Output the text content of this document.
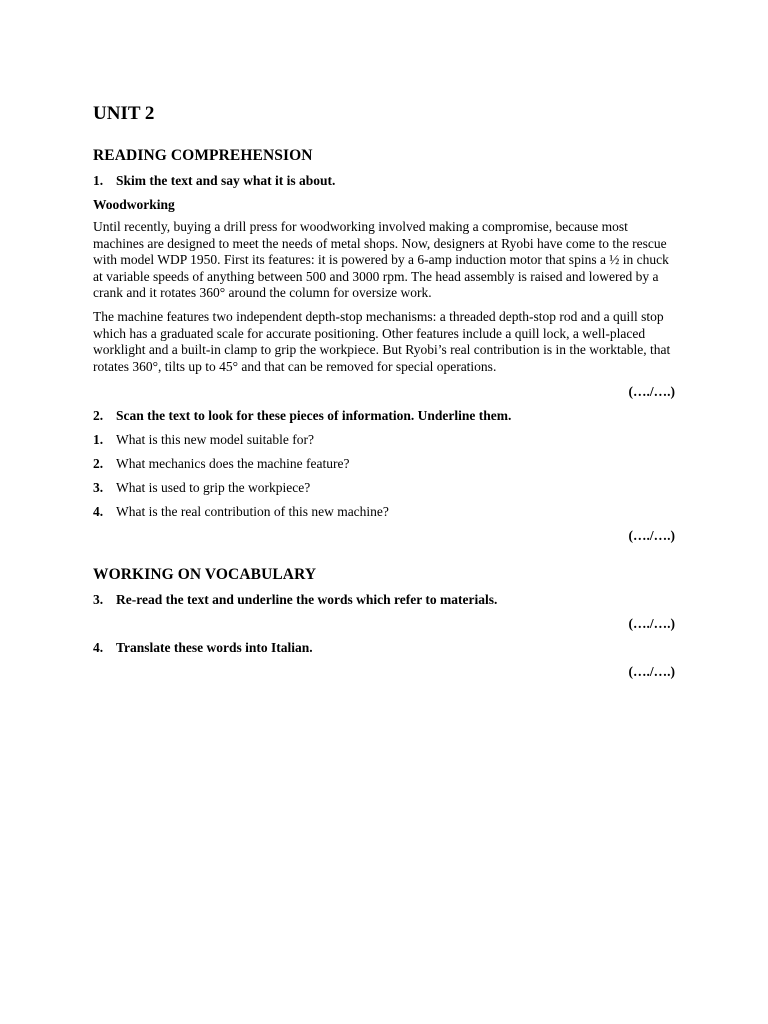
UNIT 2
READING COMPREHENSION
1. Skim the text and say what it is about.
Woodworking

Until recently, buying a drill press for woodworking involved making a compromise, because most machines are designed to meet the needs of metal shops. Now, designers at Ryobi have come to the rescue with model WDP 1950. First its features: it is powered by a 6-amp induction motor that spins a ½ in chuck at variable speeds of anything between 500 and 3000 rpm. The head assembly is raised and lowered by a crank and it rotates 360° around the column for oversize work.

The machine features two independent depth-stop mechanisms: a threaded depth-stop rod and a quill stop which has a graduated scale for accurate positioning. Other features include a quill lock, a well-placed worklight and a built-in clamp to grip the workpiece. But Ryobi’s real contribution is in the worktable, that rotates 360°, tilts up to 45° and that can be removed for special operations.

(…./….)
2. Scan the text to look for these pieces of information. Underline them.
1. What is this new model suitable for?
2. What mechanics does the machine feature?
3. What is used to grip the workpiece?
4. What is the real contribution of this new machine?
(…./….)
WORKING ON VOCABULARY
3. Re-read the text and underline the words which refer to materials.
(…./….)
4. Translate these words into Italian.
(…./….)
